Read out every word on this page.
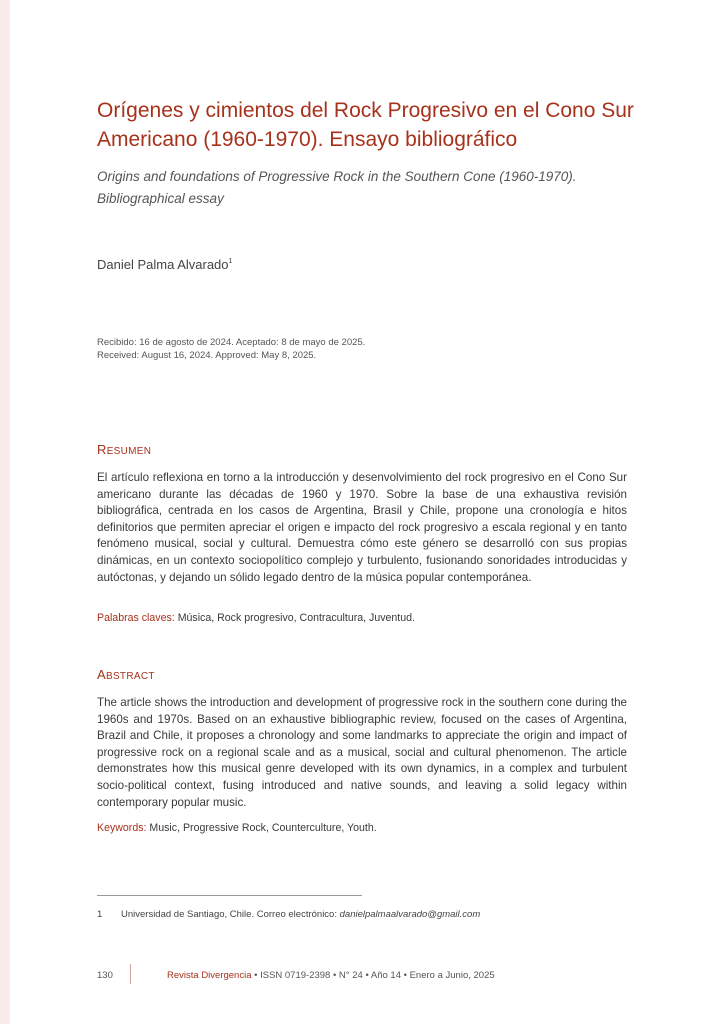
Orígenes y cimientos del Rock Progresivo en el Cono Sur Americano (1960-1970). Ensayo bibliográfico
Origins and foundations of Progressive Rock in the Southern Cone (1960-1970). Bibliographical essay
Daniel Palma Alvarado$^1$
Recibido: 16 de agosto de 2024. Aceptado: 8 de mayo de 2025.
Received: August 16, 2024. Approved: May 8, 2025.
RESUMEN
El artículo reflexiona en torno a la introducción y desenvolvimiento del rock progresivo en el Cono Sur americano durante las décadas de 1960 y 1970. Sobre la base de una exhaustiva revisión bibliográfica, centrada en los casos de Argentina, Brasil y Chile, propone una cronología e hitos definitorios que permiten apreciar el origen e impacto del rock progresivo a escala regional y en tanto fenómeno musical, social y cultural. Demuestra cómo este género se desarrolló con sus propias dinámicas, en un contexto sociopolítico complejo y turbulento, fusionando sonoridades introducidas y autóctonas, y dejando un sólido legado dentro de la música popular contemporánea.
Palabras claves: Música, Rock progresivo, Contracultura, Juventud.
ABSTRACT
The article shows the introduction and development of progressive rock in the southern cone during the 1960s and 1970s. Based on an exhaustive bibliographic review, focused on the cases of Argentina, Brazil and Chile, it proposes a chronology and some landmarks to appreciate the origin and impact of progressive rock on a regional scale and as a musical, social and cultural phenomenon. The article demonstrates how this musical genre developed with its own dynamics, in a complex and turbulent socio-political context, fusing introduced and native sounds, and leaving a solid legacy within contemporary popular music.
Keywords: Music, Progressive Rock, Counterculture, Youth.
1 Universidad de Santiago, Chile. Correo electrónico: danielpalmaalvarado@gmail.com
130	Revista Divergencia • ISSN 0719-2398 • N° 24 • Año 14 • Enero a Junio, 2025
